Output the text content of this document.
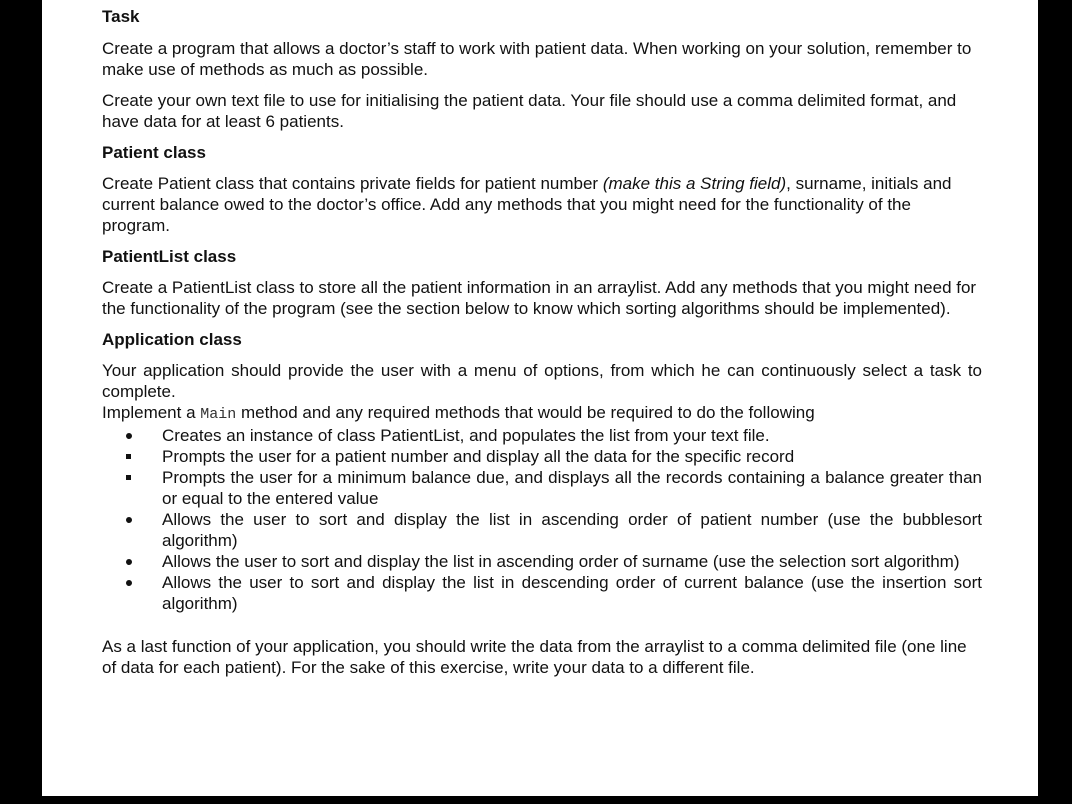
Task

Create a program that allows a doctor’s staff to work with patient data. When working on your solution, remember to make use of methods as much as possible.

Create your own text file to use for initialising the patient data. Your file should use a comma delimited format, and have data for at least 6 patients.

Patient class

Create Patient class that contains private fields for patient number (make this a String field), surname, initials and current balance owed to the doctor’s office. Add any methods that you might need for the functionality of the program.

PatientList class

Create a PatientList class to store all the patient information in an arraylist. Add any methods that you might need for the functionality of the program (see the section below to know which sorting algorithms should be implemented).

Application class

Your application should provide the user with a menu of options, from which he can continuously select a task to complete.

Implement a Main method and any required methods that would be required to do the following

Creates an instance of class PatientList, and populates the list from your text file.
Prompts the user for a patient number and display all the data for the specific record
Prompts the user for a minimum balance due, and displays all the records containing a balance greater than or equal to the entered value
Allows the user to sort and display the list in ascending order of patient number (use the bubblesort algorithm)
Allows the user to sort and display the list in ascending order of surname (use the selection sort algorithm)
Allows the user to sort and display the list in descending order of current balance (use the insertion sort algorithm)

As a last function of your application, you should write the data from the arraylist to a comma delimited file (one line of data for each patient). For the sake of this exercise, write your data to a different file.
